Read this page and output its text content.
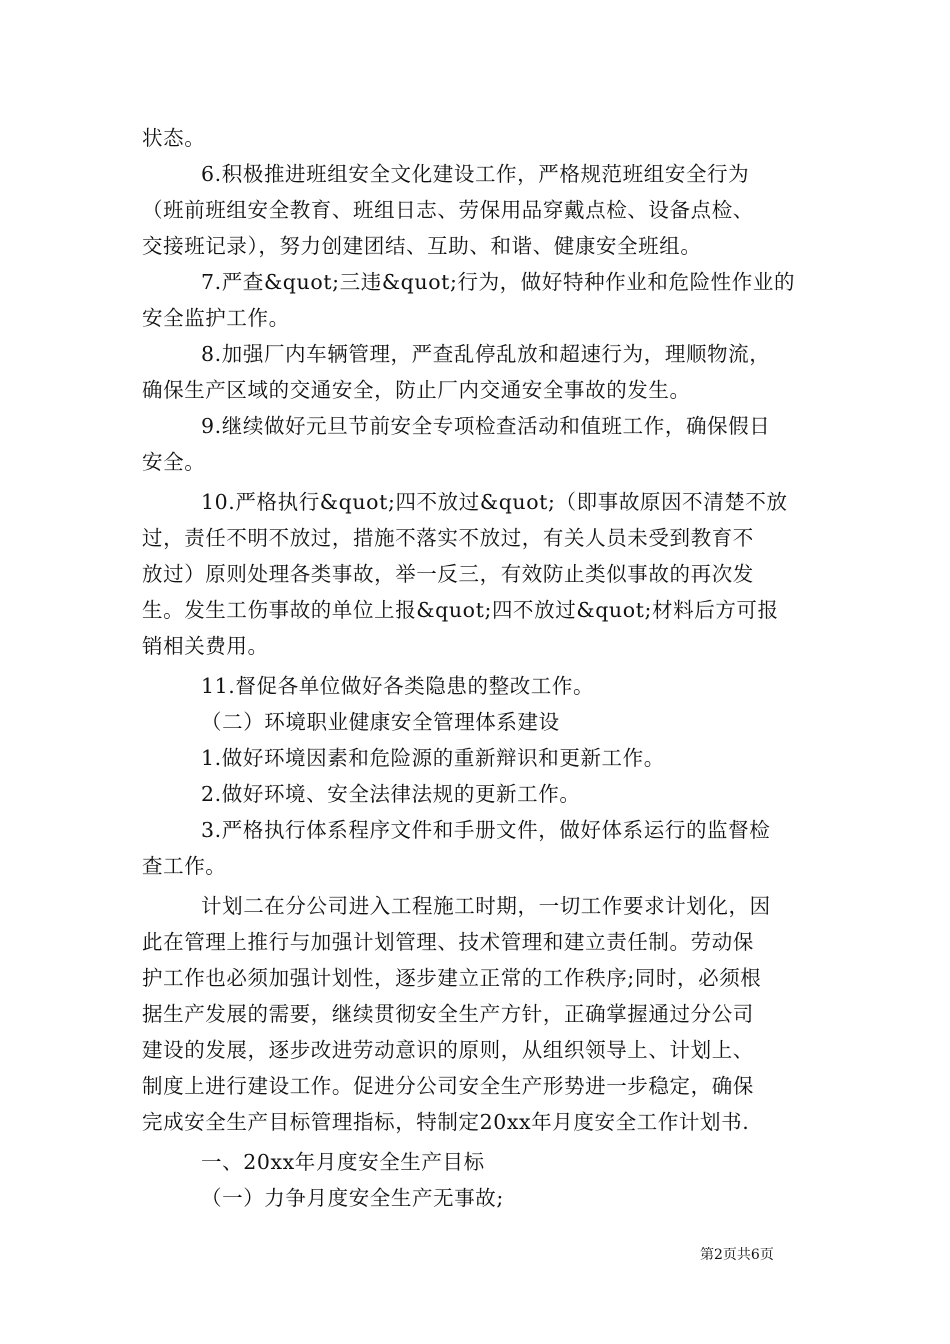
状态。
6.积极推进班组安全文化建设工作，严格规范班组安全行为
（班前班组安全教育、班组日志、劳保用品穿戴点检、设备点检、
交接班记录），努力创建团结、互助、和谐、健康安全班组。
7.严查&quot;三违&quot;行为，做好特种作业和危险性作业的
安全监护工作。
8.加强厂内车辆管理，严查乱停乱放和超速行为，理顺物流，
确保生产区域的交通安全，防止厂内交通安全事故的发生。
9.继续做好元旦节前安全专项检查活动和值班工作，确保假日
安全。
10.严格执行&quot;四不放过&quot;（即事故原因不清楚不放
过，责任不明不放过，措施不落实不放过，有关人员未受到教育不
放过）原则处理各类事故，举一反三，有效防止类似事故的再次发
生。发生工伤事故的单位上报&quot;四不放过&quot;材料后方可报
销相关费用。
11.督促各单位做好各类隐患的整改工作。
（二）环境职业健康安全管理体系建设
1.做好环境因素和危险源的重新辩识和更新工作。
2.做好环境、安全法律法规的更新工作。
3.严格执行体系程序文件和手册文件，做好体系运行的监督检
查工作。
计划二在分公司进入工程施工时期，一切工作要求计划化，因
此在管理上推行与加强计划管理、技术管理和建立责任制。劳动保
护工作也必须加强计划性，逐步建立正常的工作秩序;同时，必须根
据生产发展的需要，继续贯彻安全生产方针，正确掌握通过分公司
建设的发展，逐步改进劳动意识的原则，从组织领导上、计划上、
制度上进行建设工作。促进分公司安全生产形势进一步稳定，确保
完成安全生产目标管理指标，特制定20xx年月度安全工作计划书.
一、20xx年月度安全生产目标
（一）力争月度安全生产无事故;
第2页共6页
